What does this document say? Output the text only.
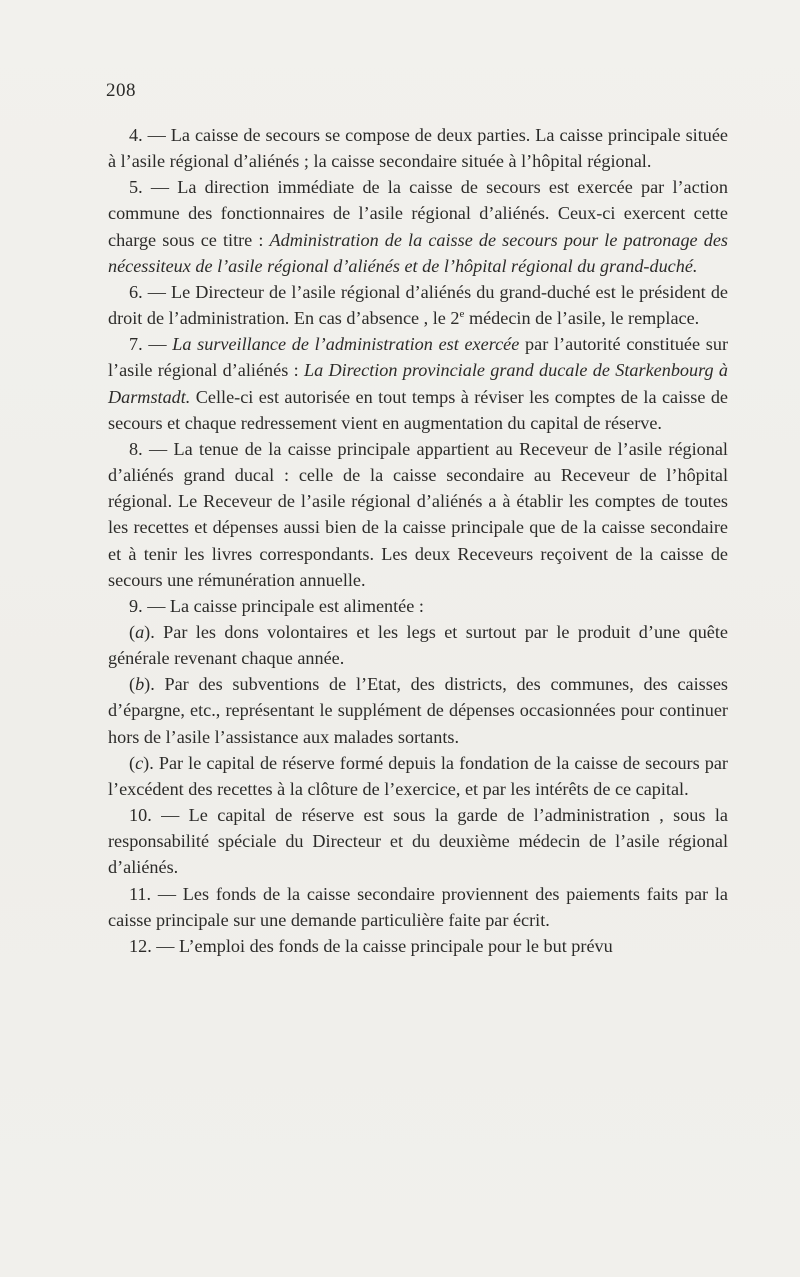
208

4. — La caisse de secours se compose de deux parties. La caisse principale située à l’asile régional d’aliénés ; la caisse secondaire située à l’hôpital régional.

5. — La direction immédiate de la caisse de secours est exercée par l’action commune des fonctionnaires de l’asile régional d’aliénés. Ceux-ci exercent cette charge sous ce titre : Administration de la caisse de secours pour le patronage des nécessiteux de l’asile régional d’aliénés et de l’hôpital régional du grand-duché.

6. — Le Directeur de l’asile régional d’aliénés du grand-duché est le président de droit de l’administration. En cas d’absence , le 2e médecin de l’asile, le remplace.

7. — La surveillance de l’administration est exercée par l’autorité constituée sur l’asile régional d’aliénés : La Direction provinciale grand ducale de Starkenbourg à Darmstadt. Celle-ci est autorisée en tout temps à réviser les comptes de la caisse de secours et chaque redressement vient en augmentation du capital de réserve.

8. — La tenue de la caisse principale appartient au Receveur de l’asile régional d’aliénés grand ducal : celle de la caisse secondaire au Receveur de l’hôpital régional. Le Receveur de l’asile régional d’aliénés a à établir les comptes de toutes les recettes et dépenses aussi bien de la caisse principale que de la caisse secondaire et à tenir les livres correspondants. Les deux Receveurs reçoivent de la caisse de secours une rémunération annuelle.

9. — La caisse principale est alimentée :

(a). Par les dons volontaires et les legs et surtout par le produit d’une quête générale revenant chaque année.

(b). Par des subventions de l’Etat, des districts, des communes, des caisses d’épargne, etc., représentant le supplément de dépenses occasionnées pour continuer hors de l’asile l’assistance aux malades sortants.

(c). Par le capital de réserve formé depuis la fondation de la caisse de secours par l’excédent des recettes à la clôture de l’exercice, et par les intérêts de ce capital.

10. — Le capital de réserve est sous la garde de l’administration , sous la responsabilité spéciale du Directeur et du deuxième médecin de l’asile régional d’aliénés.

11. — Les fonds de la caisse secondaire proviennent des paiements faits par la caisse principale sur une demande particulière faite par écrit.

12. — L’emploi des fonds de la caisse principale pour le but prévu
